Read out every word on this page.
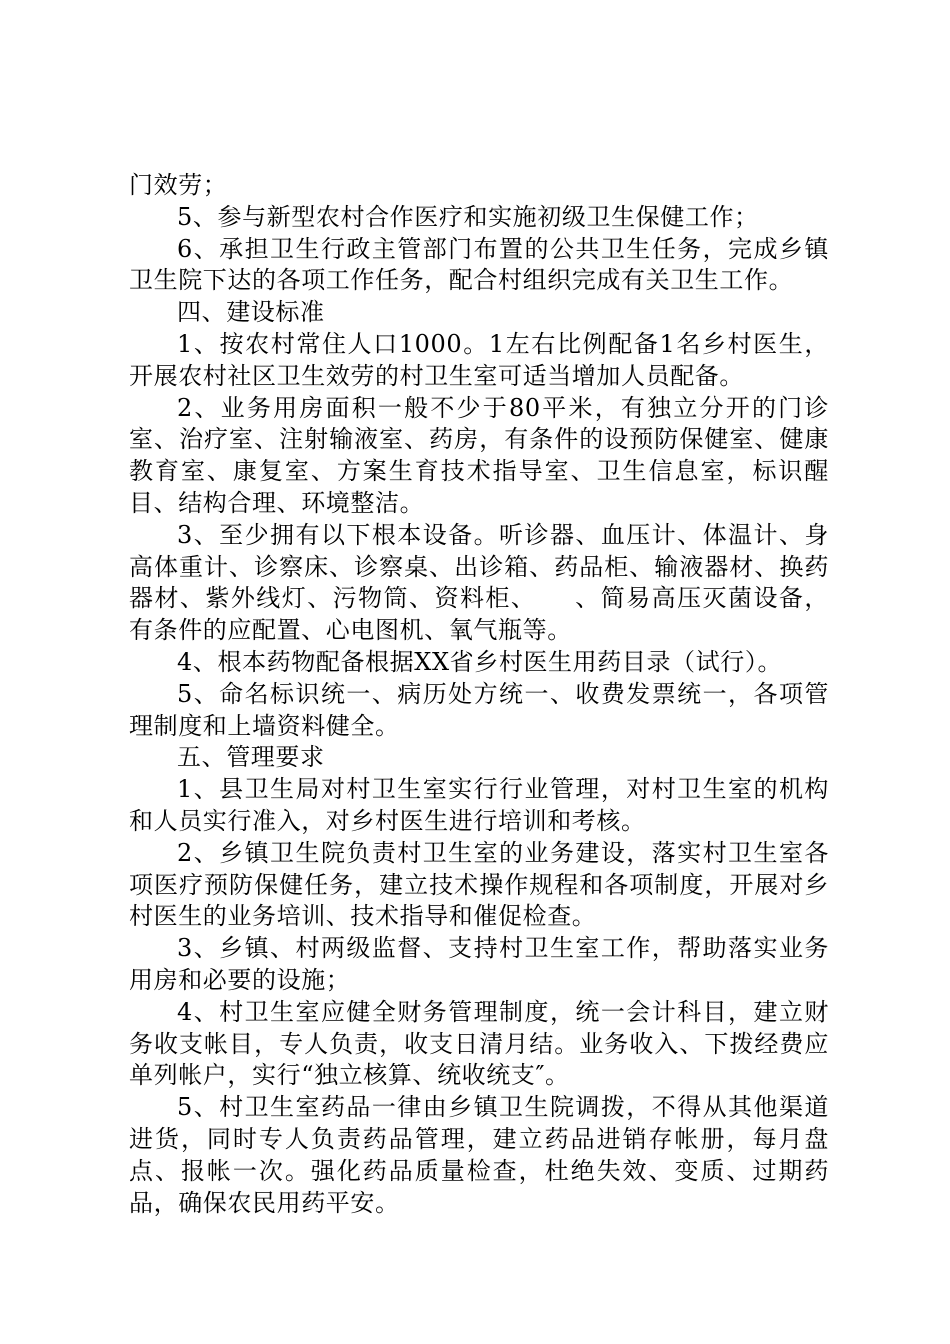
门效劳；

5、参与新型农村合作医疗和实施初级卫生保健工作；

6、承担卫生行政主管部门布置的公共卫生任务，完成乡镇卫生院下达的各项工作任务，配合村组织完成有关卫生工作。

四、建设标准

1、按农村常住人口1000。1左右比例配备1名乡村医生，开展农村社区卫生效劳的村卫生室可适当增加人员配备。

2、业务用房面积一般不少于80平米，有独立分开的门诊室、治疗室、注射输液室、药房，有条件的设预防保健室、健康教育室、康复室、方案生育技术指导室、卫生信息室，标识醒目、结构合理、环境整洁。

3、至少拥有以下根本设备。听诊器、血压计、体温计、身高体重计、诊察床、诊察桌、出诊箱、药品柜、输液器材、换药器材、紫外线灯、污物筒、资料柜、　　、简易高压灭菌设备，有条件的应配置、心电图机、氧气瓶等。

4、根本药物配备根据XX省乡村医生用药目录（试行）。

5、命名标识统一、病历处方统一、收费发票统一，各项管理制度和上墙资料健全。

五、管理要求

1、县卫生局对村卫生室实行行业管理，对村卫生室的机构和人员实行准入，对乡村医生进行培训和考核。

2、乡镇卫生院负责村卫生室的业务建设，落实村卫生室各项医疗预防保健任务，建立技术操作规程和各项制度，开展对乡村医生的业务培训、技术指导和催促检查。

3、乡镇、村两级监督、支持村卫生室工作，帮助落实业务用房和必要的设施；

4、村卫生室应健全财务管理制度，统一会计科目，建立财务收支帐目，专人负责，收支日清月结。业务收入、下拨经费应单列帐户，实行“独立核算、统收统支″。

5、村卫生室药品一律由乡镇卫生院调拨，不得从其他渠道进货，同时专人负责药品管理，建立药品进销存帐册，每月盘点、报帐一次。强化药品质量检查，杜绝失效、变质、过期药品，确保农民用药平安。
